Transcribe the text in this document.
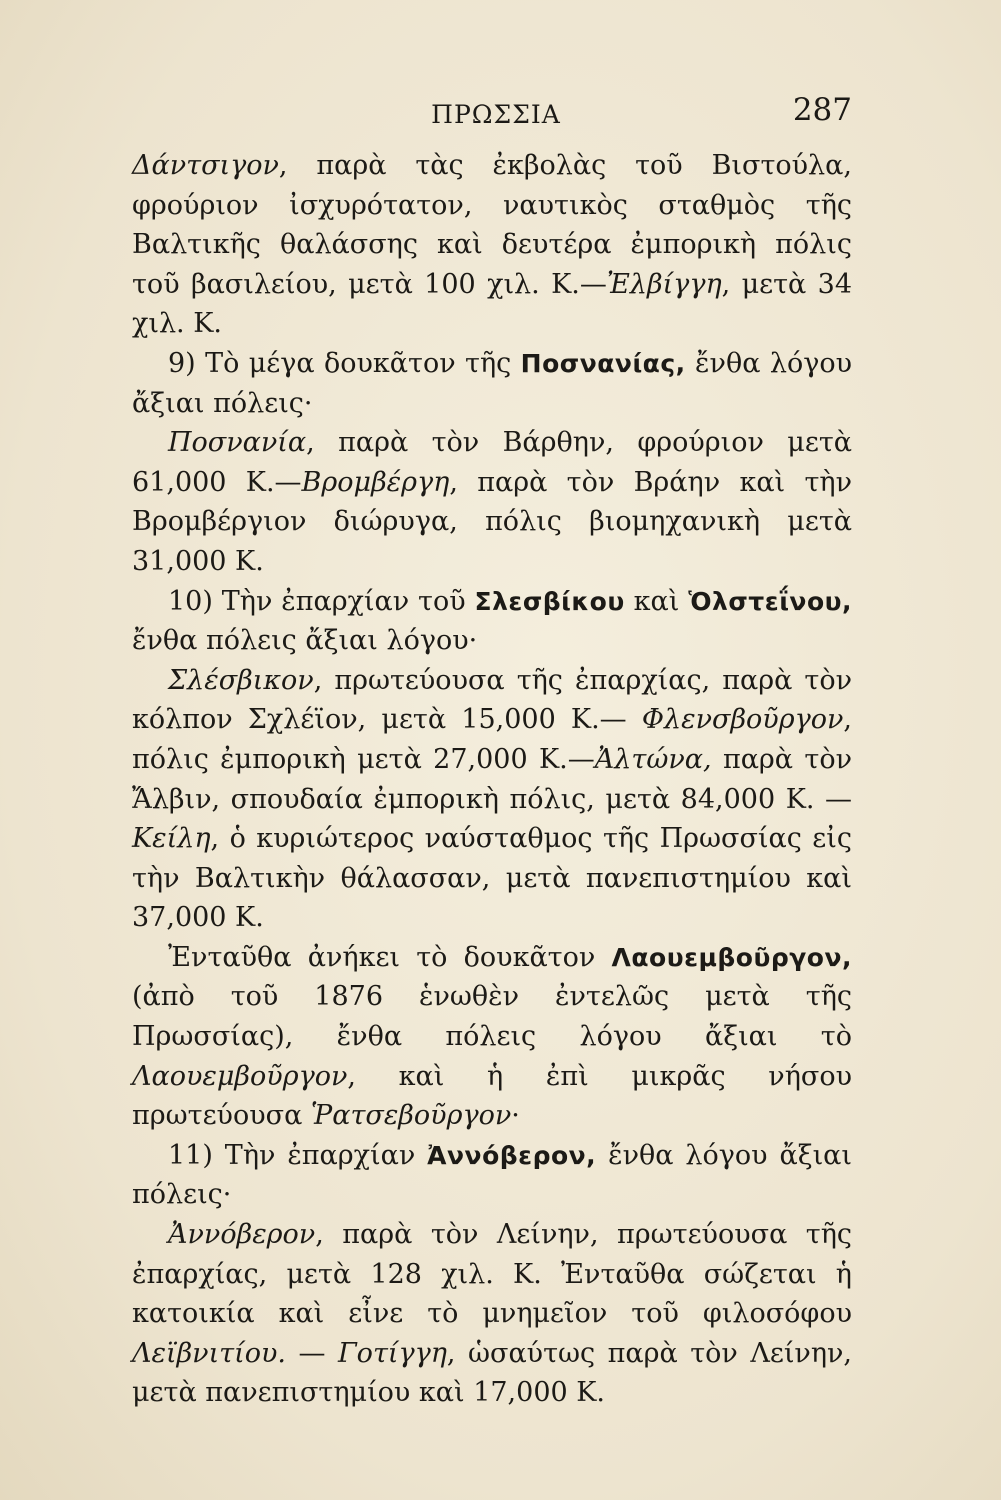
ΠΡΩΣΣΙΑ	287

Δάντσιγον, παρὰ τὰς ἐκβολὰς τοῦ Βιστούλα, φρούριον ἰσχυρότατον, ναυτικὸς σταθμὸς τῆς Βαλτικῆς θαλάσσης καὶ δευτέρα ἐμπορικὴ πόλις τοῦ βασιλείου, μετὰ 100 χιλ. Κ.—Ἐλβίγγη, μετὰ 34 χιλ. Κ.

9) Τὸ μέγα δουκᾶτον τῆς Ποσνανίας, ἔνθα λόγου ἄξιαι πόλεις·

Ποσνανία, παρὰ τὸν Βάρθην, φρούριον μετὰ 61,000 Κ.—Βρομβέργη, παρὰ τὸν Βράην καὶ τὴν Βρομβέργιον διώρυγα, πόλις βιομηχανικὴ μετὰ 31,000 Κ.

10) Τὴν ἐπαρχίαν τοῦ Σλεσβίκου καὶ Ὁλστεΐνου, ἔνθα πόλεις ἄξιαι λόγου·

Σλέσβικον, πρωτεύουσα τῆς ἐπαρχίας, παρὰ τὸν κόλπον Σχλέϊον, μετὰ 15,000 Κ.— Φλενσβοῦργον, πόλις ἐμπορικὴ μετὰ 27,000 Κ.—Ἀλτώνα, παρὰ τὸν Ἄλβιν, σπουδαία ἐμπορικὴ πόλις, μετὰ 84,000 Κ. — Κείλη, ὁ κυριώτερος ναύσταθμος τῆς Πρωσσίας εἰς τὴν Βαλτικὴν θάλασσαν, μετὰ πανεπιστημίου καὶ 37,000 Κ.

Ἐνταῦθα ἀνήκει τὸ δουκᾶτον Λαουεμβοῦργον, (ἀπὸ τοῦ 1876 ἑνωθὲν ἐντελῶς μετὰ τῆς Πρωσσίας), ἔνθα πόλεις λόγου ἄξιαι τὸ Λαουεμβοῦργον, καὶ ἡ ἐπὶ μικρᾶς νήσου πρωτεύουσα Ῥατσεβοῦργον·

11) Τὴν ἐπαρχίαν Ἀννόβερον, ἔνθα λόγου ἄξιαι πόλεις·

Ἀννόβερον, παρὰ τὸν Λείνην, πρωτεύουσα τῆς ἐπαρχίας, μετὰ 128 χιλ. Κ. Ἐνταῦθα σώζεται ἡ κατοικία καὶ εἶνε τὸ μνημεῖον τοῦ φιλοσόφου Λεϊβνιτίου. — Γοτίγγη, ὡσαύτως παρὰ τὸν Λείνην, μετὰ πανεπιστημίου καὶ 17,000 Κ.
